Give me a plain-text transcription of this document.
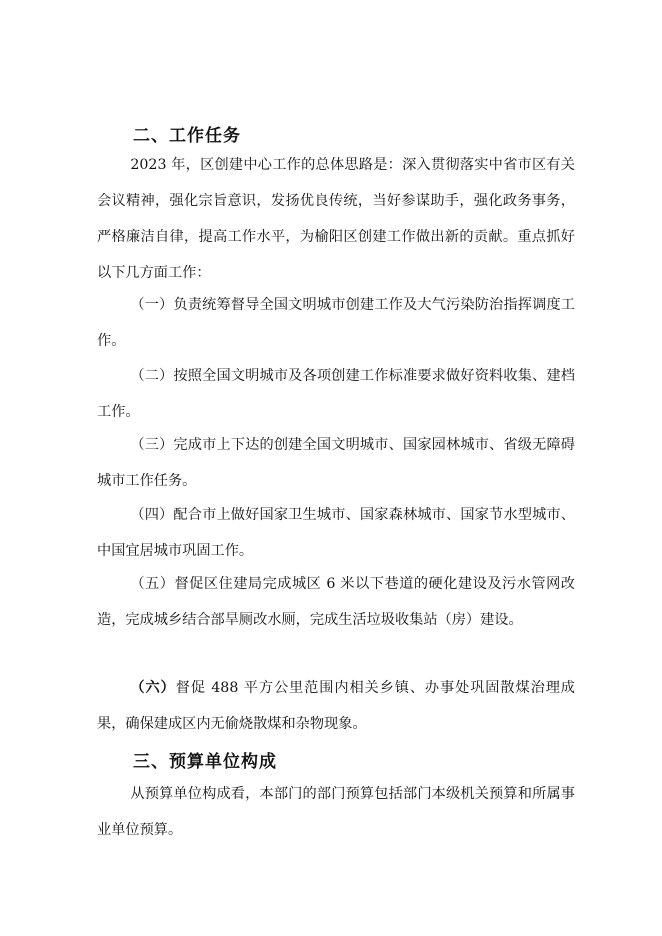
二、工作任务

2023 年，区创建中心工作的总体思路是：深入贯彻落实中省市区有关会议精神，强化宗旨意识，发扬优良传统，当好参谋助手，强化政务事务，严格廉洁自律，提高工作水平，为榆阳区创建工作做出新的贡献。重点抓好以下几方面工作：

（一）负责统筹督导全国文明城市创建工作及大气污染防治指挥调度工作。

（二）按照全国文明城市及各项创建工作标准要求做好资料收集、建档工作。

（三）完成市上下达的创建全国文明城市、国家园林城市、省级无障碍城市工作任务。

（四）配合市上做好国家卫生城市、国家森林城市、国家节水型城市、中国宜居城市巩固工作。

（五）督促区住建局完成城区 6 米以下巷道的硬化建设及污水管网改造，完成城乡结合部旱厕改水厕，完成生活垃圾收集站（房）建设。

（六）督促 488 平方公里范围内相关乡镇、办事处巩固散煤治理成果，确保建成区内无偷烧散煤和杂物现象。

三、预算单位构成

从预算单位构成看，本部门的部门预算包括部门本级机关预算和所属事业单位预算。
